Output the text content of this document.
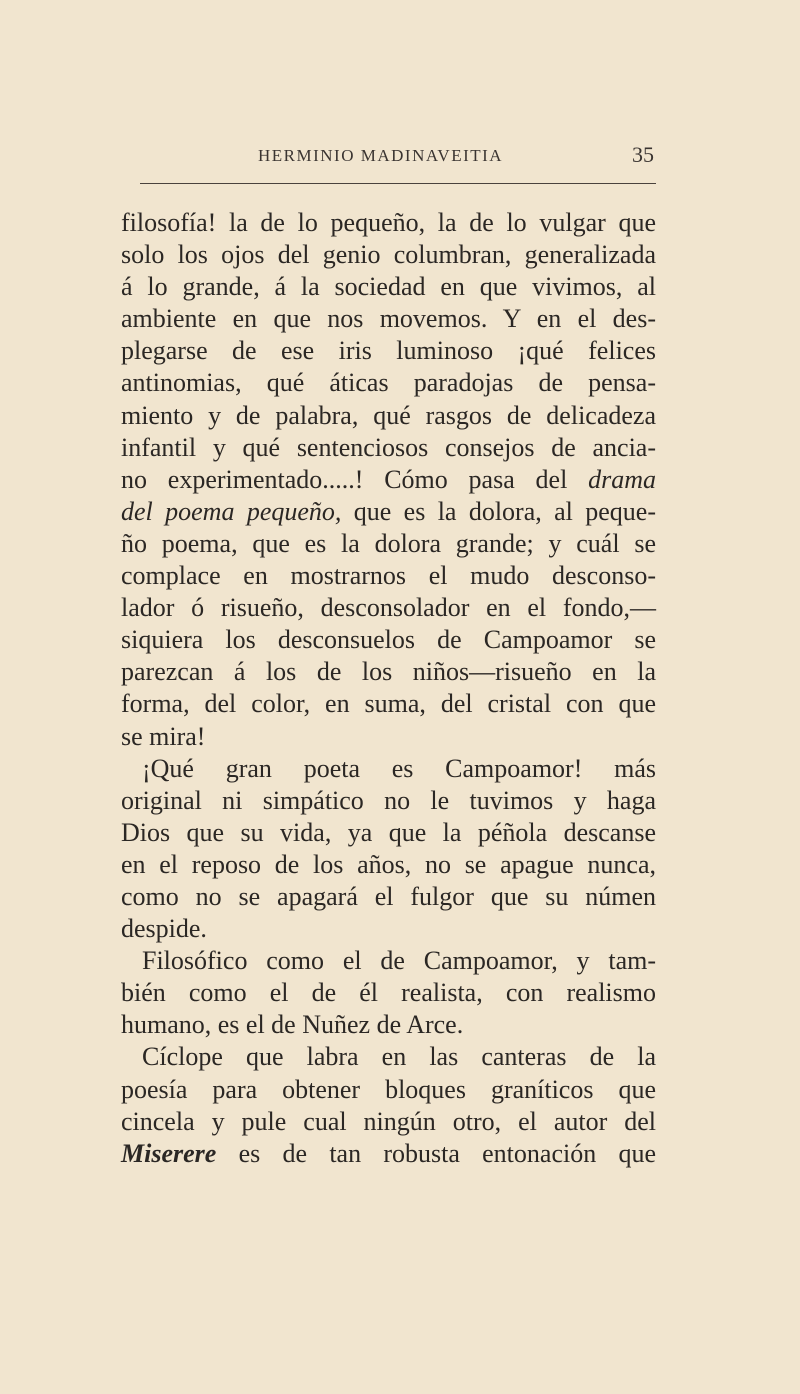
HERMINIO MADINAVEITIA	35
filosofía! la de lo pequeño, la de lo vulgar que
solo los ojos del genio columbran, generalizada
á lo grande, á la sociedad en que vivimos, al
ambiente en que nos movemos. Y en el des-
plegarse de ese iris luminoso ¡qué felices
antinomias, qué áticas paradojas de pensa-
miento y de palabra, qué rasgos de delicadeza
infantil y qué sentenciosos consejos de ancia-
no experimentado.....! Cómo pasa del drama
del poema pequeño, que es la dolora, al peque-
ño poema, que es la dolora grande; y cuál se
complace en mostrarnos el mudo desconso-
lador ó risueño, desconsolador en el fondo,—
siquiera los desconsuelos de Campoamor se
parezcan á los de los niños—risueño en la
forma, del color, en suma, del cristal con que
se mira!
¡Qué gran poeta es Campoamor! más
original ni simpático no le tuvimos y haga
Dios que su vida, ya que la péñola descanse
en el reposo de los años, no se apague nunca,
como no se apagará el fulgor que su númen
despide.
Filosófico como el de Campoamor, y tam-
bién como el de él realista, con realismo
humano, es el de Nuñez de Arce.
Cíclope que labra en las canteras de la
poesía para obtener bloques graníticos que
cincela y pule cual ningún otro, el autor del
Miserere es de tan robusta entonación que
